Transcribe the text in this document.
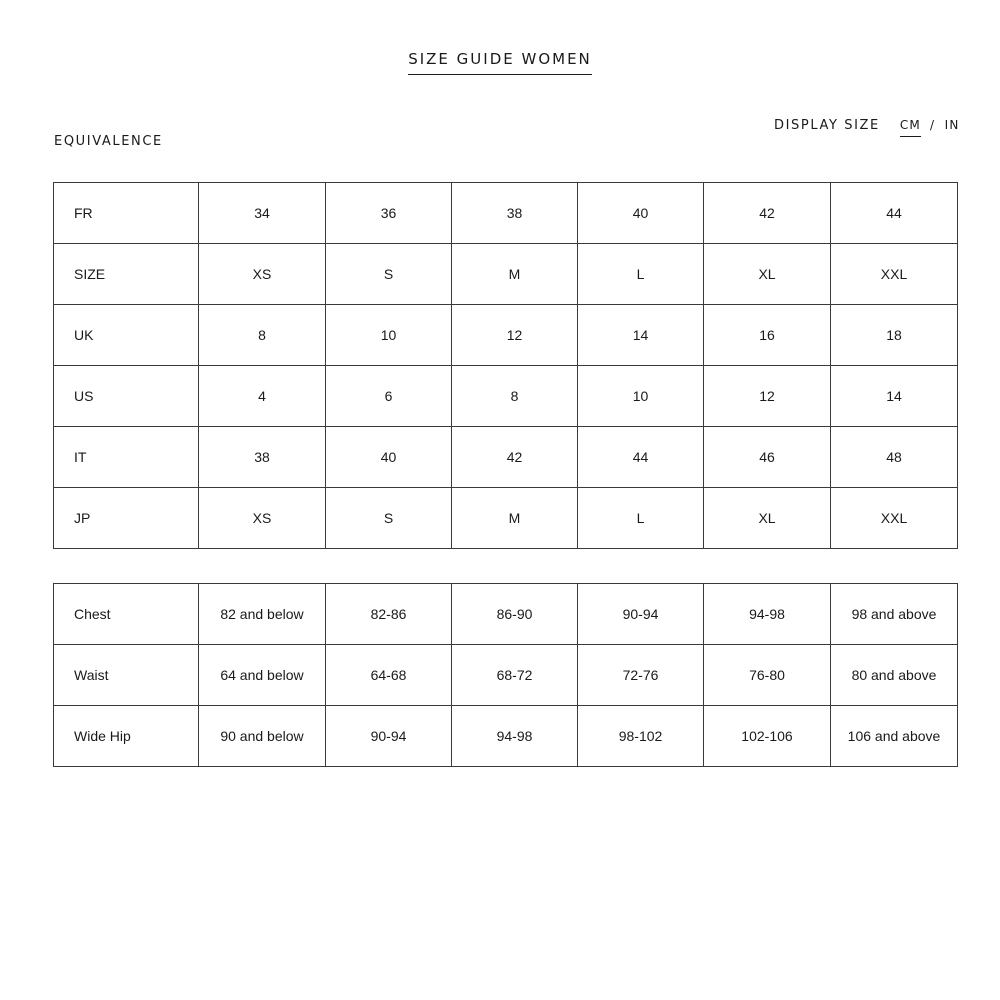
SIZE GUIDE WOMEN
EQUIVALENCE
DISPLAY SIZE CM / IN
FR	34	36	38	40	42	44
SIZE	XS	S	M	L	XL	XXL
UK	8	10	12	14	16	18
US	4	6	8	10	12	14
IT	38	40	42	44	46	48
JP	XS	S	M	L	XL	XXL
Chest	82 and below	82-86	86-90	90-94	94-98	98 and above
Waist	64 and below	64-68	68-72	72-76	76-80	80 and above
Wide Hip	90 and below	90-94	94-98	98-102	102-106	106 and above
